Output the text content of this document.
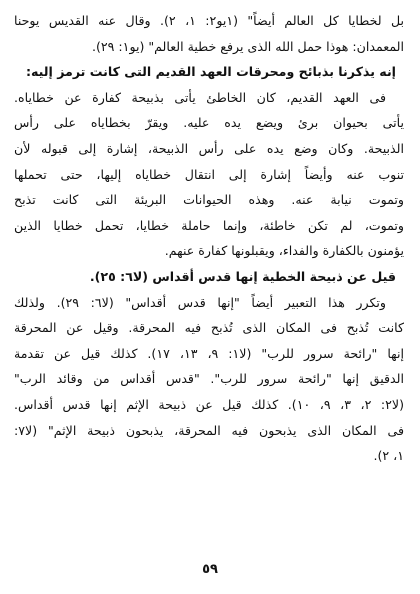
بل لخطايا كل العالم أيضاً" (١يو٢: ١، ٢). وقال عنه القديس يوحنا
المعمدان: هوذا حمل الله الذى يرفع خطية العالم" (يو١: ٢٩).
إنه يذكرنا بذبائح ومحرقات العهد القديم التى كانت ترمز إليه:
فى العهد القديم، كان الخاطئ يأتى بذبيحة كفارة عن خطاياه.
يأتى بحيوان برئ ويضع يده عليه. ويقرّ بخطاياه على رأس
الذبيحة. وكان وضع يده على رأس الذبيحة، إشارة إلى قبوله لأن
تنوب عنه وأيضاً إشارة إلى انتقال خطاياه إليها، حتى تحملها
وتموت نيابة عنه. وهذه الحيوانات البريئة التى كانت تذبح
وتموت، لم تكن خاطئة، وإنما حاملة خطايا، تحمل خطايا الذين
يؤمنون بالكفارة والفداء، ويقبلونها كفارة عنهم.
قيل عن ذبيحة الخطية إنها قدس أقداس (لا٦: ٢٥).
وتكرر هذا التعبير أيضاً "إنها قدس أقداس" (لا٦: ٢٩). ولذلك
كانت تُذبح فى المكان الذى تُذبح فيه المحرقة. وقيل عن المحرقة
إنها "رائحة سرور للرب" (لا١: ٩، ١٣، ١٧). كذلك قيل عن تقدمة
الدقيق إنها "رائحة سرور للرب". "قدس أقداس من وقائد الرب"
(لا٢: ٢، ٣، ٩، ١٠). كذلك قيل عن ذبيحة الإثم إنها قدس أقداس.
فى المكان الذى يذبحون فيه المحرقة، يذبحون ذبيحة الإثم" (لا٧:
١، ٢).
٥٩
